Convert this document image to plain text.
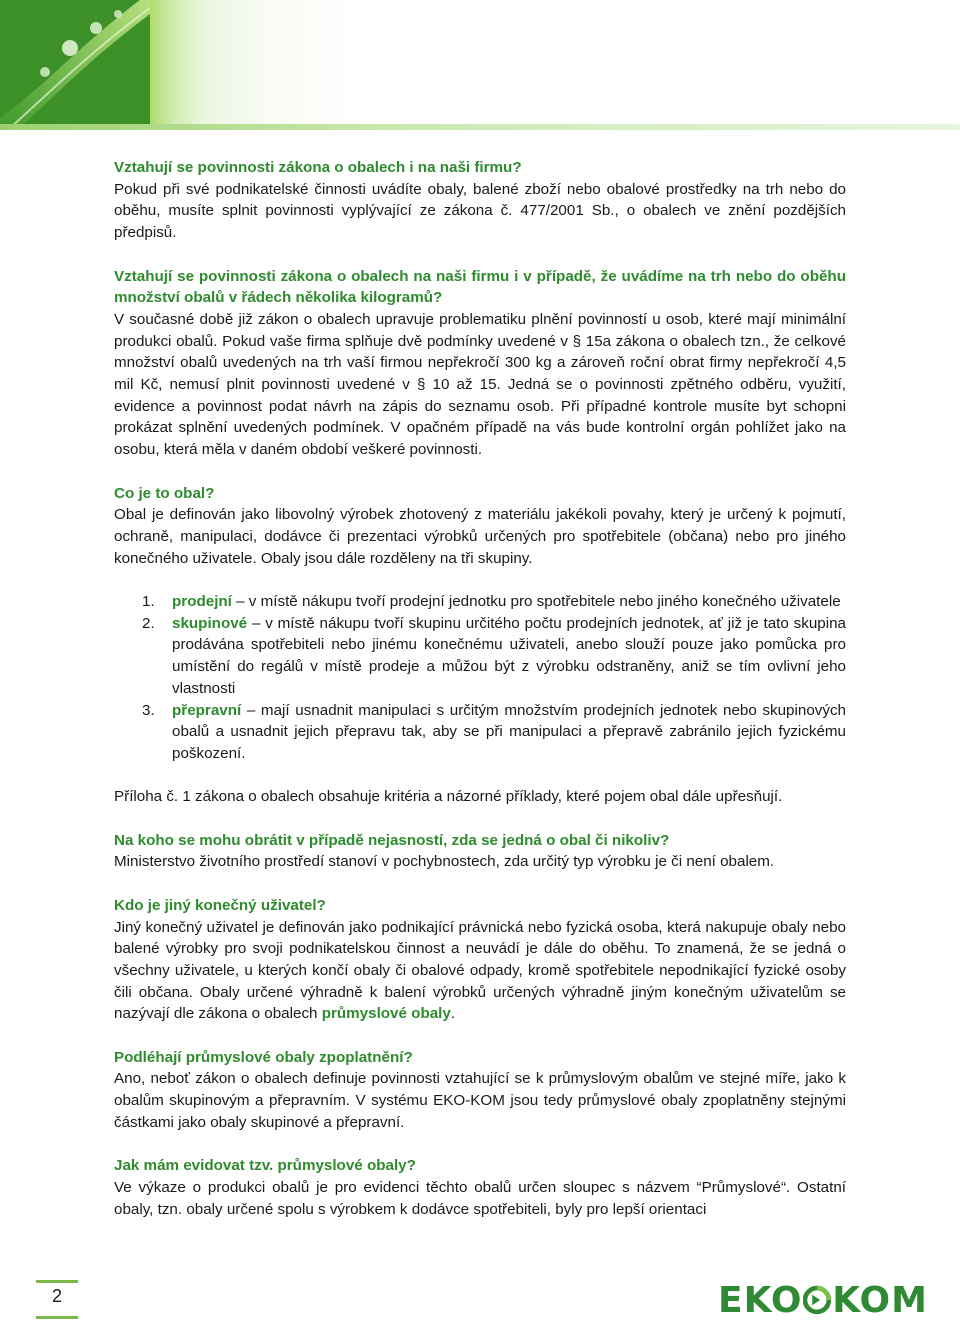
Vztahují se povinnosti zákona o obalech i na naši firmu?

Pokud při své podnikatelské činnosti uvádíte obaly, balené zboží nebo obalové prostředky na trh nebo do oběhu, musíte splnit povinnosti vyplývající ze zákona č. 477/2001 Sb., o obalech ve znění pozdějších předpisů.

Vztahují se povinnosti zákona o obalech na naši firmu i v případě, že uvádíme na trh nebo do oběhu množství obalů v řádech několika kilogramů?

V současné době již zákon o obalech upravuje problematiku plnění povinností u osob, které mají minimální produkci obalů. Pokud vaše firma splňuje dvě podmínky uvedené v § 15a zákona o obalech tzn., že celkové množství obalů uvedených na trh vaší firmou nepřekročí 300 kg a zároveň roční obrat firmy nepřekročí 4,5 mil Kč, nemusí plnit povinnosti uvedené v § 10 až 15. Jedná se o povinnosti zpětného odběru, využití, evidence a povinnost podat návrh na zápis do seznamu osob. Při případné kontrole musíte byt schopni prokázat splnění uvedených podmínek. V opačném případě na vás bude kontrolní orgán pohlížet jako na osobu, která měla v daném období veškeré povinnosti.

Co je to obal?

Obal je definován jako libovolný výrobek zhotovený z materiálu jakékoli povahy, který je určený k pojmutí, ochraně, manipulaci, dodávce či prezentaci výrobků určených pro spotřebitele (občana) nebo pro jiného konečného uživatele. Obaly jsou dále rozděleny na tři skupiny.

1. prodejní – v místě nákupu tvoří prodejní jednotku pro spotřebitele nebo jiného konečného uživatele
2. skupinové – v místě nákupu tvoří skupinu určitého počtu prodejních jednotek, ať již je tato skupina prodávána spotřebiteli nebo jinému konečnému uživateli, anebo slouží pouze jako pomůcka pro umístění do regálů v místě prodeje a můžou být z výrobku odstraněny, aniž se tím ovlivní jeho vlastnosti
3. přepravní – mají usnadnit manipulaci s určitým množstvím prodejních jednotek nebo skupinových obalů a usnadnit jejich přepravu tak, aby se při manipulaci a přepravě zabránilo jejich fyzickému poškození.

Příloha č. 1 zákona o obalech obsahuje kritéria a názorné příklady, které pojem obal dále upřesňují.

Na koho se mohu obrátit v případě nejasností, zda se jedná o obal či nikoliv?

Ministerstvo životního prostředí stanoví v pochybnostech, zda určitý typ výrobku je či není obalem.

Kdo je jiný konečný uživatel?

Jiný konečný uživatel je definován jako podnikající právnická nebo fyzická osoba, která nakupuje obaly nebo balené výrobky pro svoji podnikatelskou činnost a neuvádí je dále do oběhu. To znamená, že se jedná o všechny uživatele, u kterých končí obaly či obalové odpady, kromě spotřebitele nepodnikající fyzické osoby čili občana. Obaly určené výhradně k balení výrobků určených výhradně jiným konečným uživatelům se nazývají dle zákona o obalech průmyslové obaly.

Podléhají průmyslové obaly zpoplatnění?

Ano, neboť zákon o obalech definuje povinnosti vztahující se k průmyslovým obalům ve stejné míře, jako k obalům skupinovým a přepravním. V systému EKO-KOM jsou tedy průmyslové obaly zpoplatněny stejnými částkami jako obaly skupinové a přepravní.

Jak mám evidovat tzv. průmyslové obaly?

Ve výkaze o produkci obalů je pro evidenci těchto obalů určen sloupec s názvem “Průmyslové“. Ostatní obaly, tzn. obaly určené spolu s výrobkem k dodávce spotřebiteli, byly pro lepší orientaci

2	EKO KOM
